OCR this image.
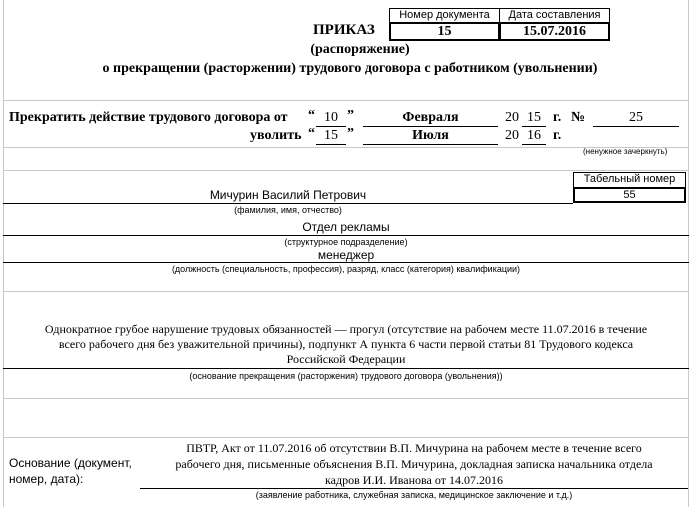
Номер документа	Дата составления
15	15.07.2016
ПРИКАЗ
(распоряжение)
о прекращении (расторжении) трудового договора с работником (увольнении)
Прекратить действие трудового договора от “ 10 ”	Февраля	20 15 г. №	25
уволить “ 15 ”	Июля	20 16 г.
(ненужное зачеркнуть)
Табельный номер
55
Мичурин Василий Петрович
(фамилия, имя, отчество)
Отдел рекламы
(структурное подразделение)
менеджер
(должность (специальность, профессия), разряд, класс (категория) квалификации)
Однократное грубое нарушение трудовых обязанностей — прогул (отсутствие на рабочем месте 11.07.2016 в течение
всего рабочего дня без уважительной причины), подпункт А пункта 6 части первой статьи 81 Трудового кодекса
Российской Федерации
(основание прекращения (расторжения) трудового договора (увольнения))
Основание (документ,
номер, дата):
ПВТР, Акт от 11.07.2016 об отсутствии В.П. Мичурина на рабочем месте в течение всего
рабочего дня, письменные объяснения В.П. Мичурина, докладная записка начальника отдела
кадров И.И. Иванова от 14.07.2016
(заявление работника, служебная записка, медицинское заключение и т.д.)
